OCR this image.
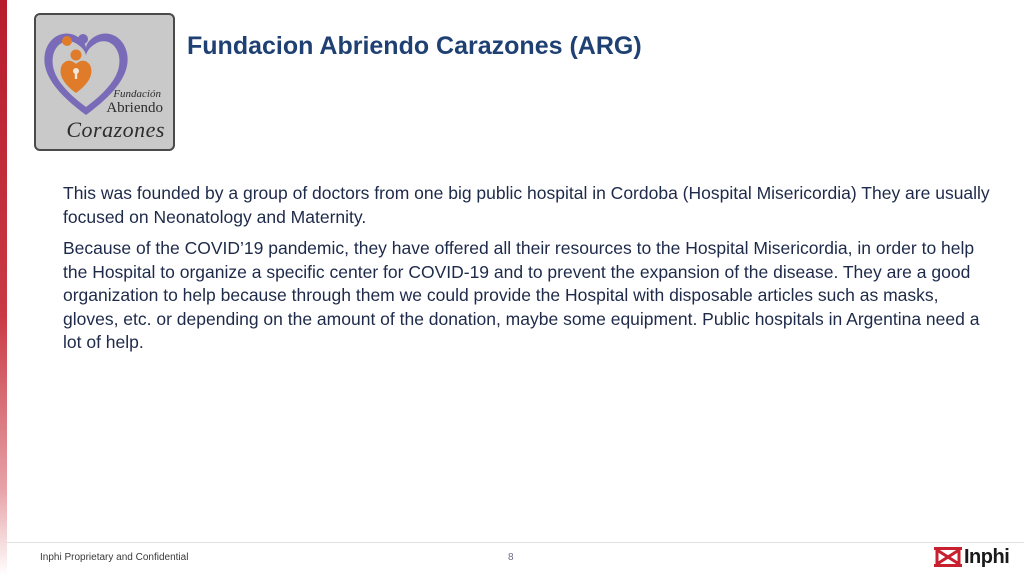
Fundación
Abriendo
Corazones
Fundacion Abriendo Carazones (ARG)

This was founded by a group of doctors from one big public hospital in Cordoba (Hospital Misericordia) They are usually focused on Neonatology and Maternity.

Because of the COVID’19 pandemic, they have offered all their resources to the Hospital Misericordia, in order to help the Hospital to organize a specific center for COVID-19 and to prevent the expansion of the disease. They are a good organization to help because through them we could provide the Hospital with disposable articles such as masks, gloves, etc. or depending on the amount of the donation, maybe some equipment. Public hospitals in Argentina need a lot of help.

Inphi Proprietary and Confidential	8	Inphi
